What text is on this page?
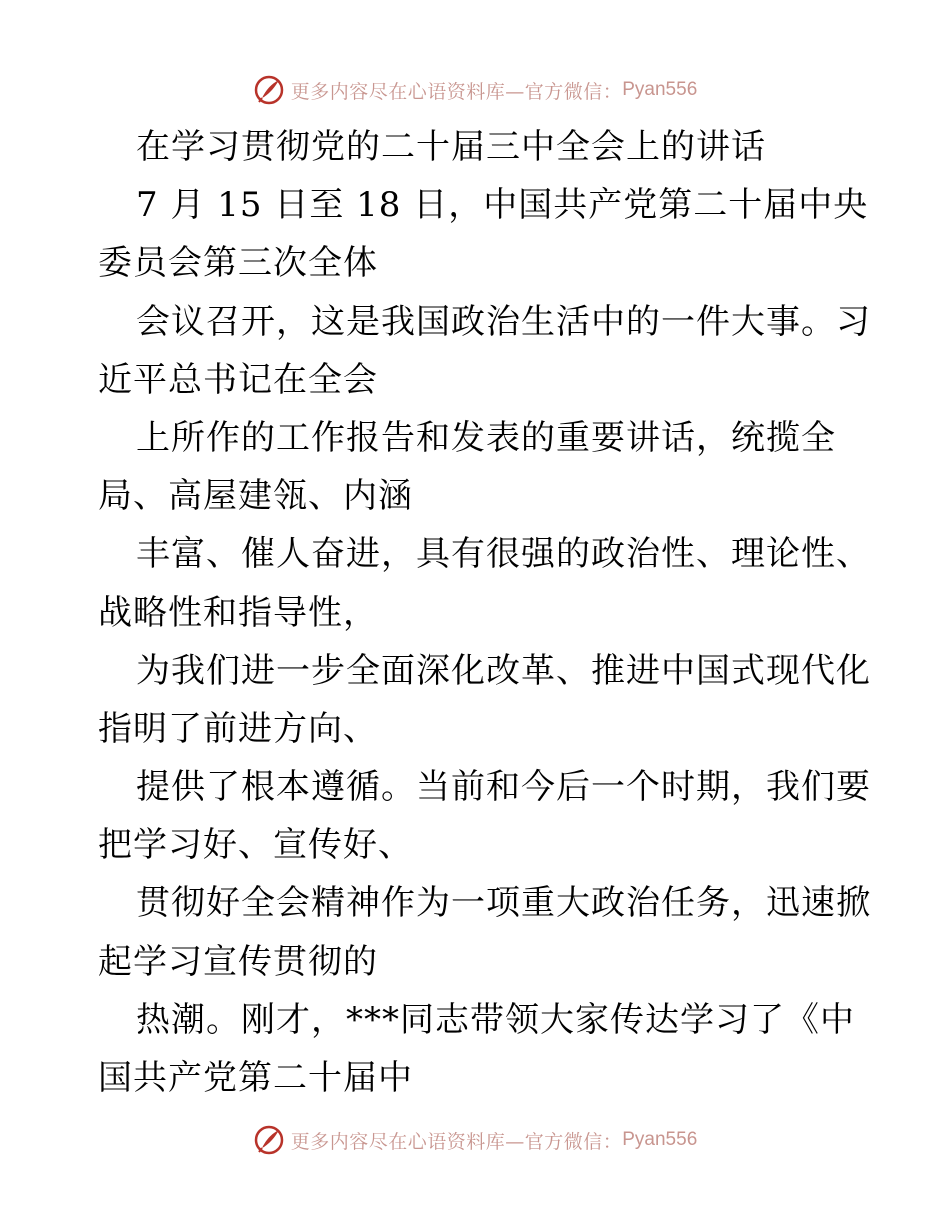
更多内容尽在心语资料库—官方微信： Pyan556
在学习贯彻党的二十届三中全会上的讲话
7 月 15 日至 18 日，中国共产党第二十届中央
委员会第三次全体
会议召开，这是我国政治生活中的一件大事。习
近平总书记在全会
上所作的工作报告和发表的重要讲话，统揽全
局、高屋建瓴、内涵
丰富、催人奋进，具有很强的政治性、理论性、
战略性和指导性，
为我们进一步全面深化改革、推进中国式现代化
指明了前进方向、
提供了根本遵循。当前和今后一个时期，我们要
把学习好、宣传好、
贯彻好全会精神作为一项重大政治任务，迅速掀
起学习宣传贯彻的
热潮。刚才，***同志带领大家传达学习了《中
国共产党第二十届中
更多内容尽在心语资料库—官方微信： Pyan556
